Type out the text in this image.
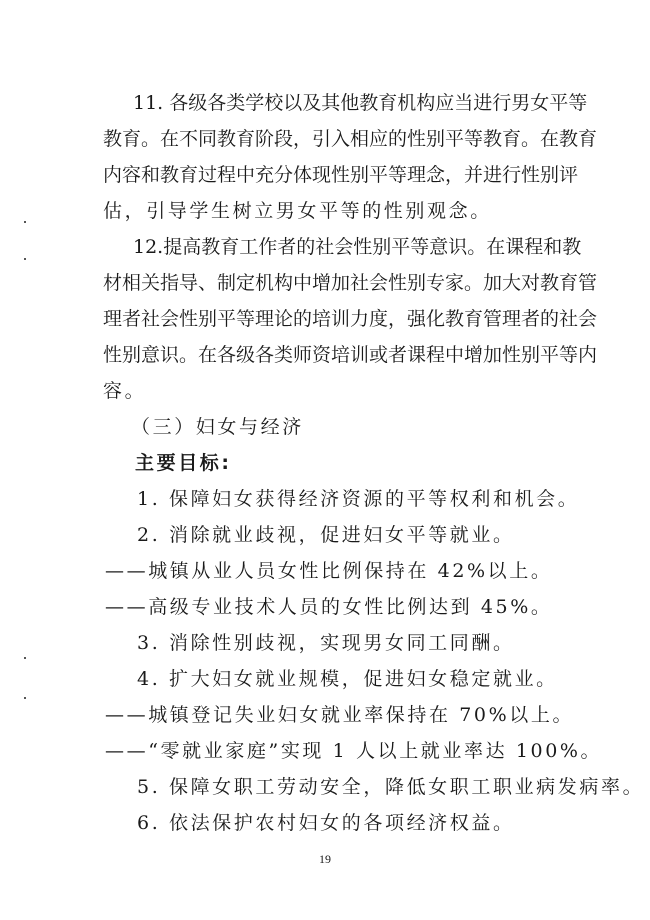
19
11. 各级各类学校以及其他教育机构应当进行男女平等
教育。在不同教育阶段，引入相应的性别平等教育。在教育
内容和教育过程中充分体现性别平等理念，并进行性别评
估，引导学生树立男女平等的性别观念。
12.提高教育工作者的社会性别平等意识。在课程和教
材相关指导、制定机构中增加社会性别专家。加大对教育管
理者社会性别平等理论的培训力度，强化教育管理者的社会
性别意识。在各级各类师资培训或者课程中增加性别平等内
容。
（三）妇女与经济
主要目标:
1. 保障妇女获得经济资源的平等权利和机会。
2. 消除就业歧视，促进妇女平等就业。
——城镇从业人员女性比例保持在 42%以上。
——高级专业技术人员的女性比例达到 45%。
3. 消除性别歧视，实现男女同工同酬。
4. 扩大妇女就业规模，促进妇女稳定就业。
——城镇登记失业妇女就业率保持在 70%以上。
——“零就业家庭”实现 1 人以上就业率达 100%。
5. 保障女职工劳动安全，降低女职工职业病发病率。
6. 依法保护农村妇女的各项经济权益。
